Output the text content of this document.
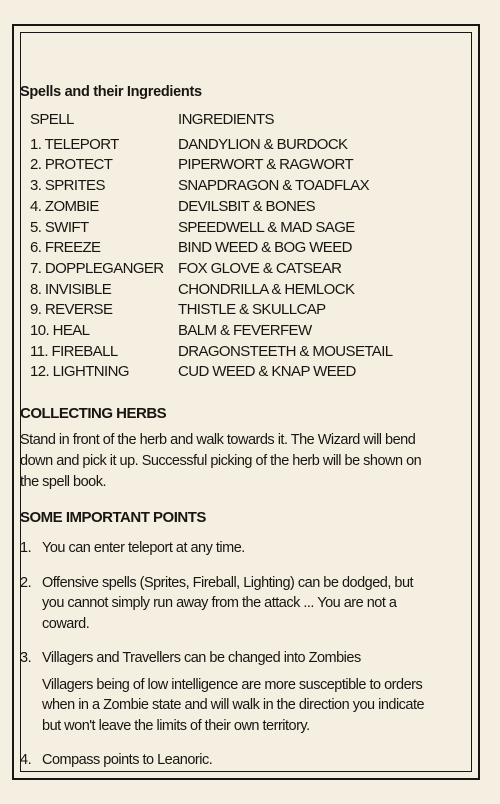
Spells and their Ingredients
SPELL	INGREDIENTS
1. TELEPORT	DANDYLION & BURDOCK
2. PROTECT	PIPERWORT & RAGWORT
3. SPRITES	SNAPDRAGON & TOADFLAX
4. ZOMBIE	DEVILSBIT & BONES
5. SWIFT	SPEEDWELL & MAD SAGE
6. FREEZE	BIND WEED & BOG WEED
7. DOPPLEGANGER	FOX GLOVE & CATSEAR
8. INVISIBLE	CHONDRILLA & HEMLOCK
9. REVERSE	THISTLE & SKULLCAP
10. HEAL	BALM & FEVERFEW
11. FIREBALL	DRAGONSTEETH & MOUSETAIL
12. LIGHTNING	CUD WEED & KNAP WEED
COLLECTING HERBS

Stand in front of the herb and walk towards it. The Wizard will bend down and pick it up. Successful picking of the herb will be shown on the spell book.

SOME IMPORTANT POINTS
1. You can enter teleport at any time.
2. Offensive spells (Sprites, Fireball, Lighting) can be dodged, but you cannot simply run away from the attack ... You are not a coward.
3. Villagers and Travellers can be changed into Zombies
Villagers being of low intelligence are more susceptible to orders when in a Zombie state and will walk in the direction you indicate but won't leave the limits of their own territory.
4. Compass points to Leanoric.
